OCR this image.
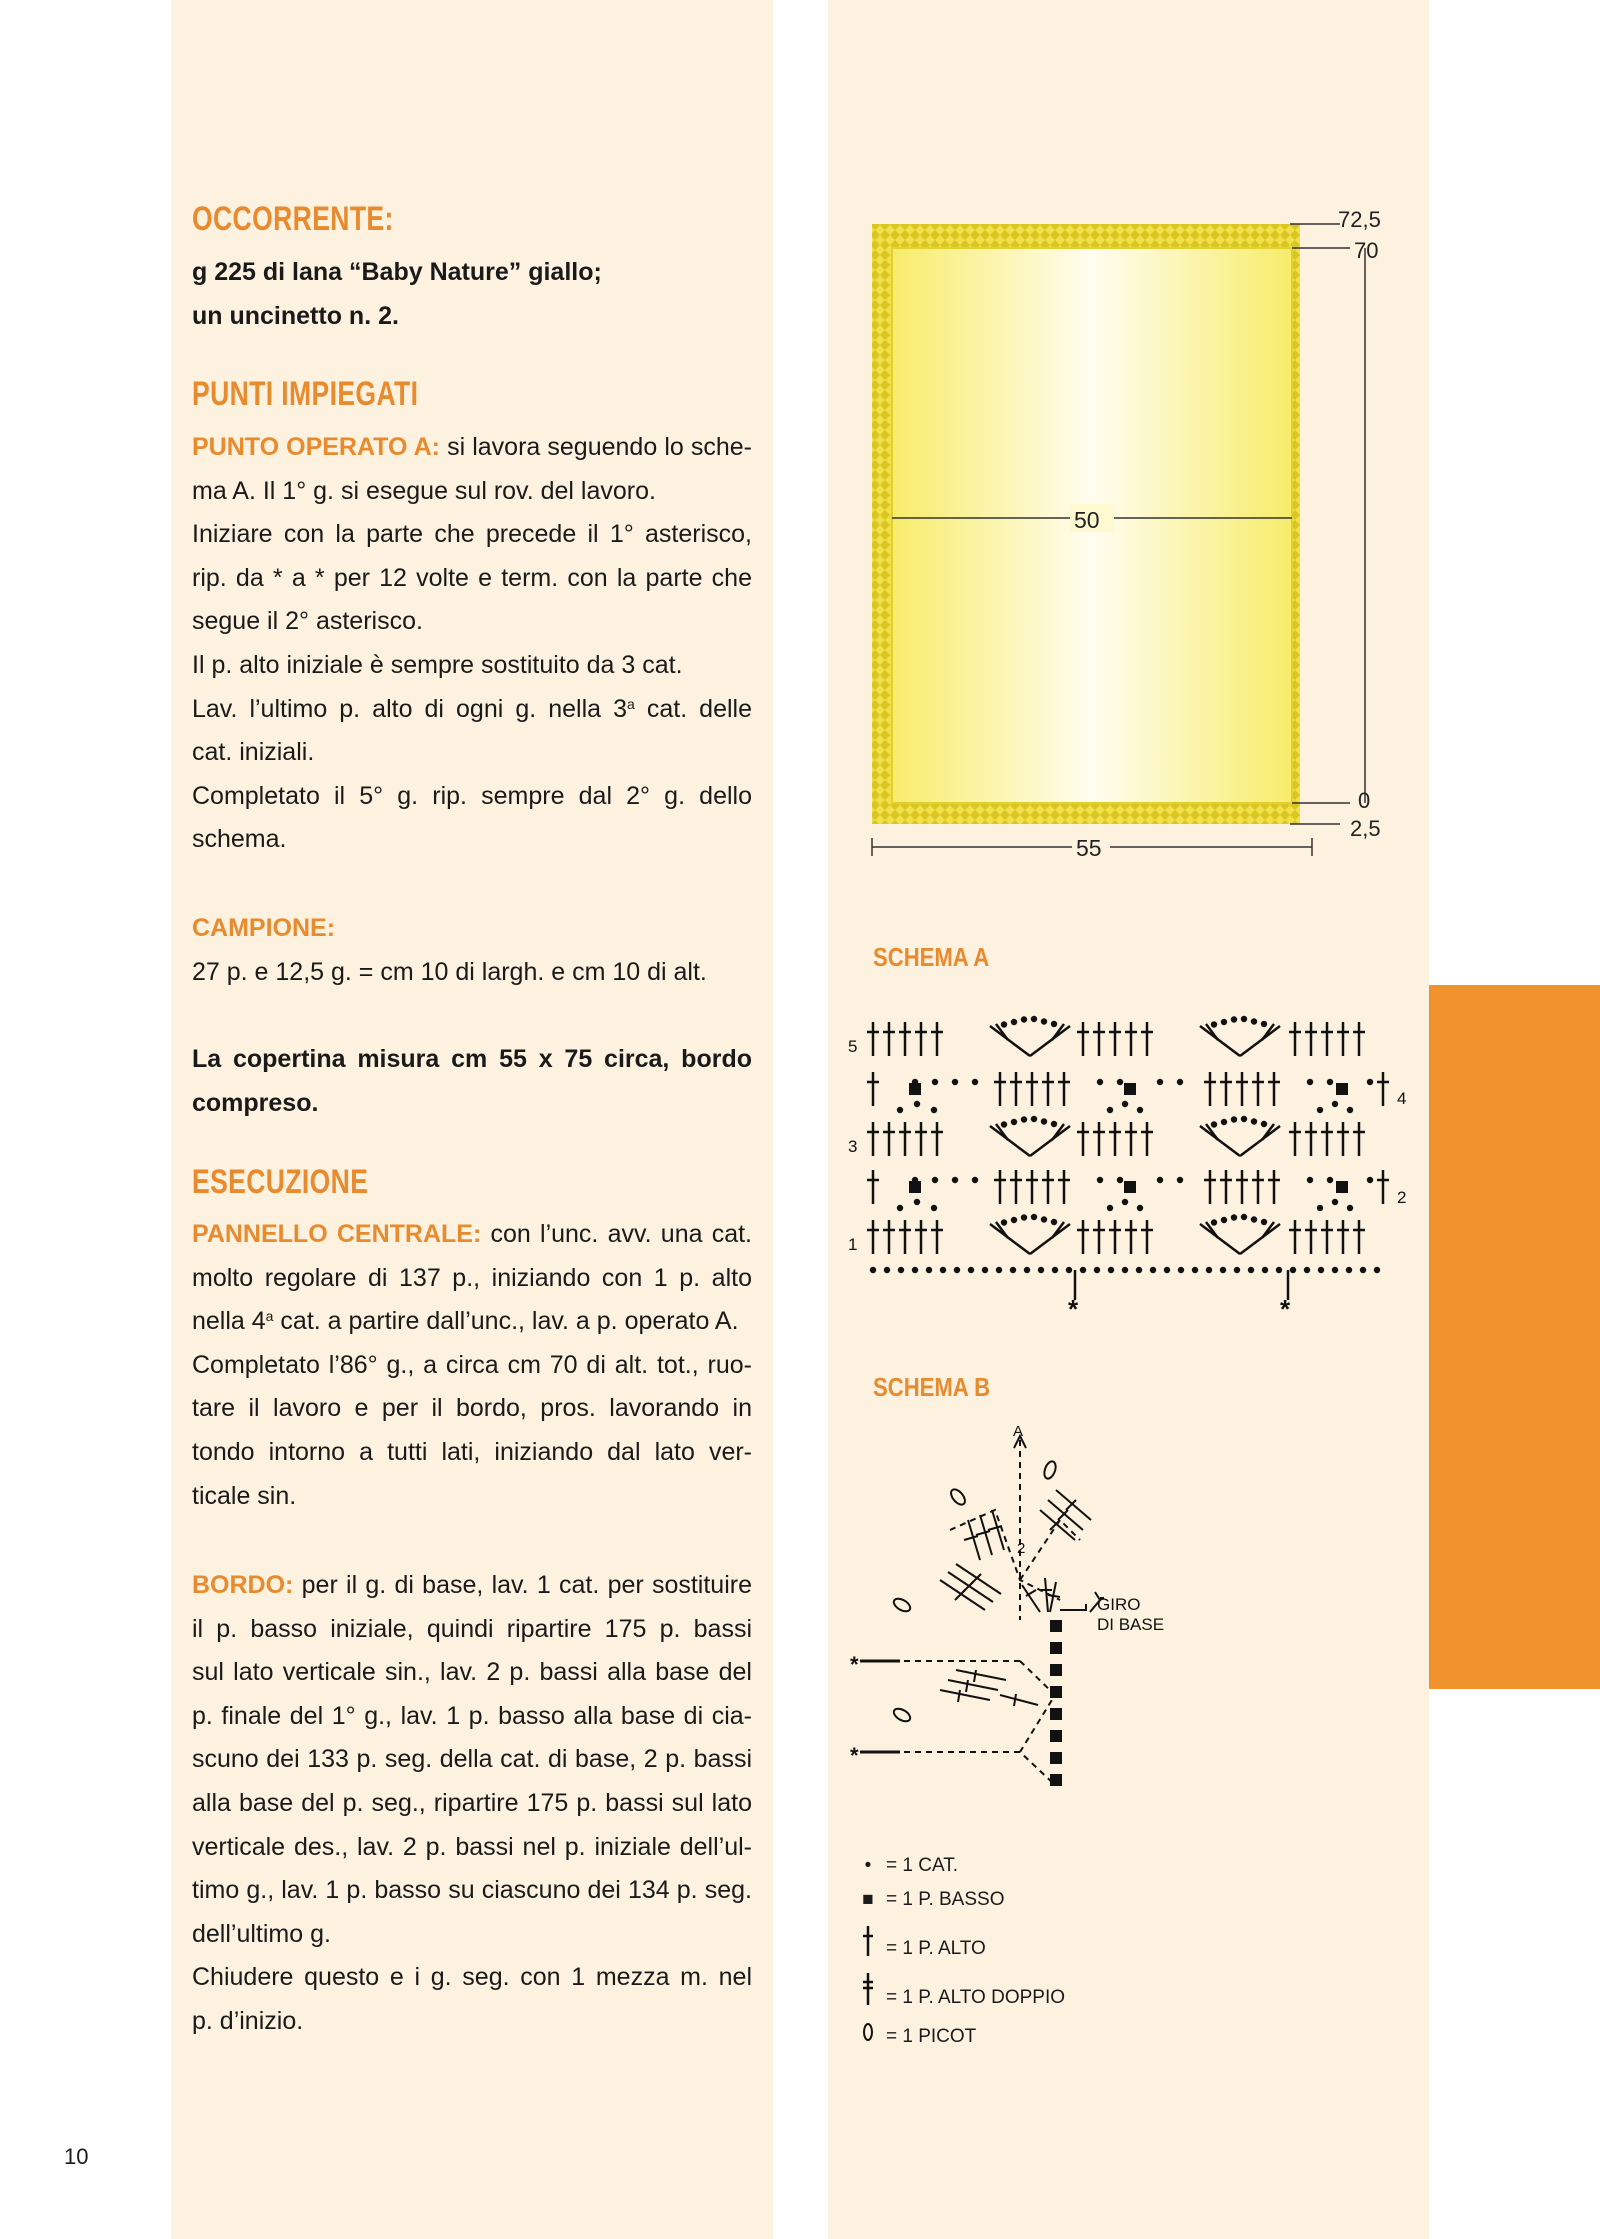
OCCORRENTE:
g 225 di lana “Baby Nature” giallo;
un uncinetto n. 2.
PUNTI IMPIEGATI
PUNTO OPERATO A: si lavora seguendo lo sche-
ma A. Il 1° g. si esegue sul rov. del lavoro.
Iniziare con la parte che precede il 1° asterisco,
rip. da * a * per 12 volte e term. con la parte che
segue il 2° asterisco.
Il p. alto iniziale è sempre sostituito da 3 cat.
Lav. l’ultimo p. alto di ogni g. nella 3$^a$ cat. delle
cat. iniziali.
Completato il 5° g. rip. sempre dal 2° g. dello
schema.
CAMPIONE:
27 p. e 12,5 g. = cm 10 di largh. e cm 10 di alt.
La copertina misura cm 55 x 75 circa, bordo
compreso.
ESECUZIONE
PANNELLO CENTRALE: con l’unc. avv. una cat.
molto regolare di 137 p., iniziando con 1 p. alto
nella 4$^a$ cat. a partire dall’unc., lav. a p. operato A.
Completato l’86° g., a circa cm 70 di alt. tot., ruo-
tare il lavoro e per il bordo, pros. lavorando in
tondo intorno a tutti lati, iniziando dal lato ver-
ticale sin.
BORDO: per il g. di base, lav. 1 cat. per sostituire
il p. basso iniziale, quindi ripartire 175 p. bassi
sul lato verticale sin., lav. 2 p. bassi alla base del
p. finale del 1° g., lav. 1 p. basso alla base di cia-
scuno dei 133 p. seg. della cat. di base, 2 p. bassi
alla base del p. seg., ripartire 175 p. bassi sul lato
verticale des., lav. 2 p. bassi nel p. iniziale dell’ul-
timo g., lav. 1 p. basso su ciascuno dei 134 p. seg.
dell’ultimo g.
Chiudere questo e i g. seg. con 1 mezza m. nel
p. d’inizio.
10
50
72,5
70
0
2,5
55
SCHEMA A
5
4
3
2
1
*	*
SCHEMA B
A
2
GIRO
DI BASE
*
*
• = 1 CAT.
■ = 1 P. BASSO
= 1 P. ALTO
= 1 P. ALTO DOPPIO
= 1 PICOT
